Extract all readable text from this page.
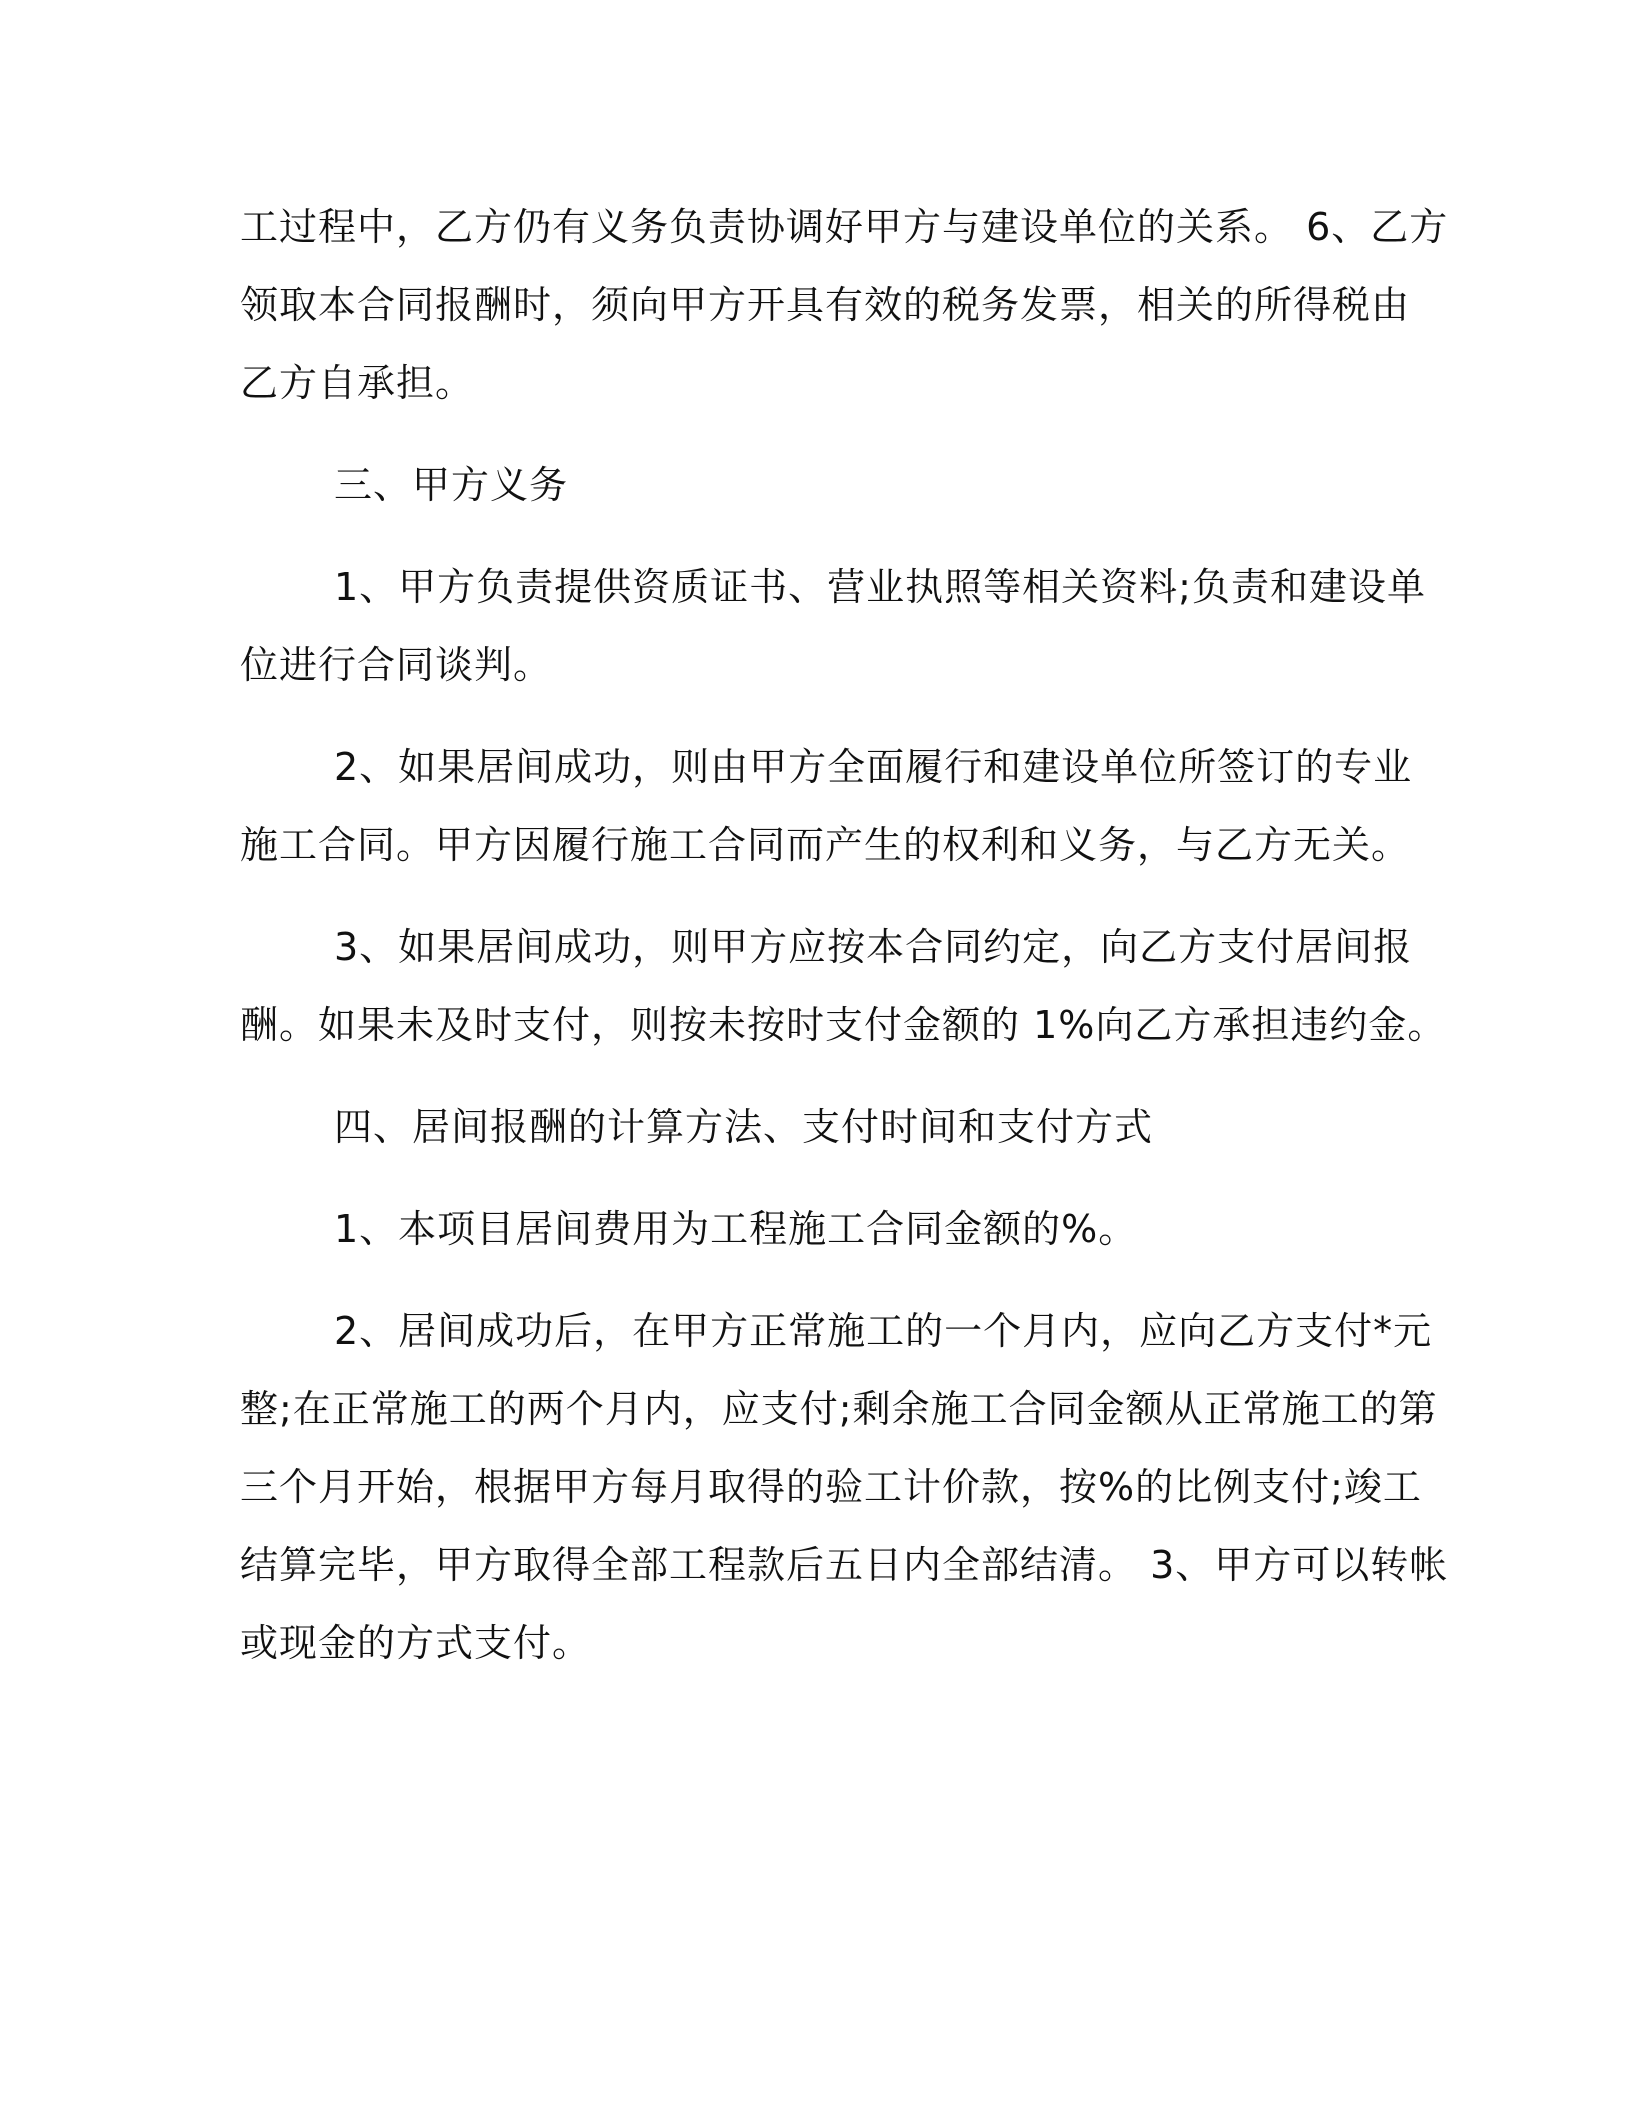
工过程中，乙方仍有义务负责协调好甲方与建设单位的关系。 6、乙方
领取本合同报酬时，须向甲方开具有效的税务发票，相关的所得税由
乙方自承担。
三、甲方义务
1、甲方负责提供资质证书、营业执照等相关资料;负责和建设单
位进行合同谈判。
2、如果居间成功，则由甲方全面履行和建设单位所签订的专业
施工合同。甲方因履行施工合同而产生的权利和义务，与乙方无关。
3、如果居间成功，则甲方应按本合同约定，向乙方支付居间报
酬。如果未及时支付，则按未按时支付金额的 1%向乙方承担违约金。
四、居间报酬的计算方法、支付时间和支付方式
1、本项目居间费用为工程施工合同金额的%。
2、居间成功后，在甲方正常施工的一个月内，应向乙方支付*元
整;在正常施工的两个月内，应支付;剩余施工合同金额从正常施工的第
三个月开始，根据甲方每月取得的验工计价款，按%的比例支付;竣工
结算完毕，甲方取得全部工程款后五日内全部结清。 3、甲方可以转帐
或现金的方式支付。
